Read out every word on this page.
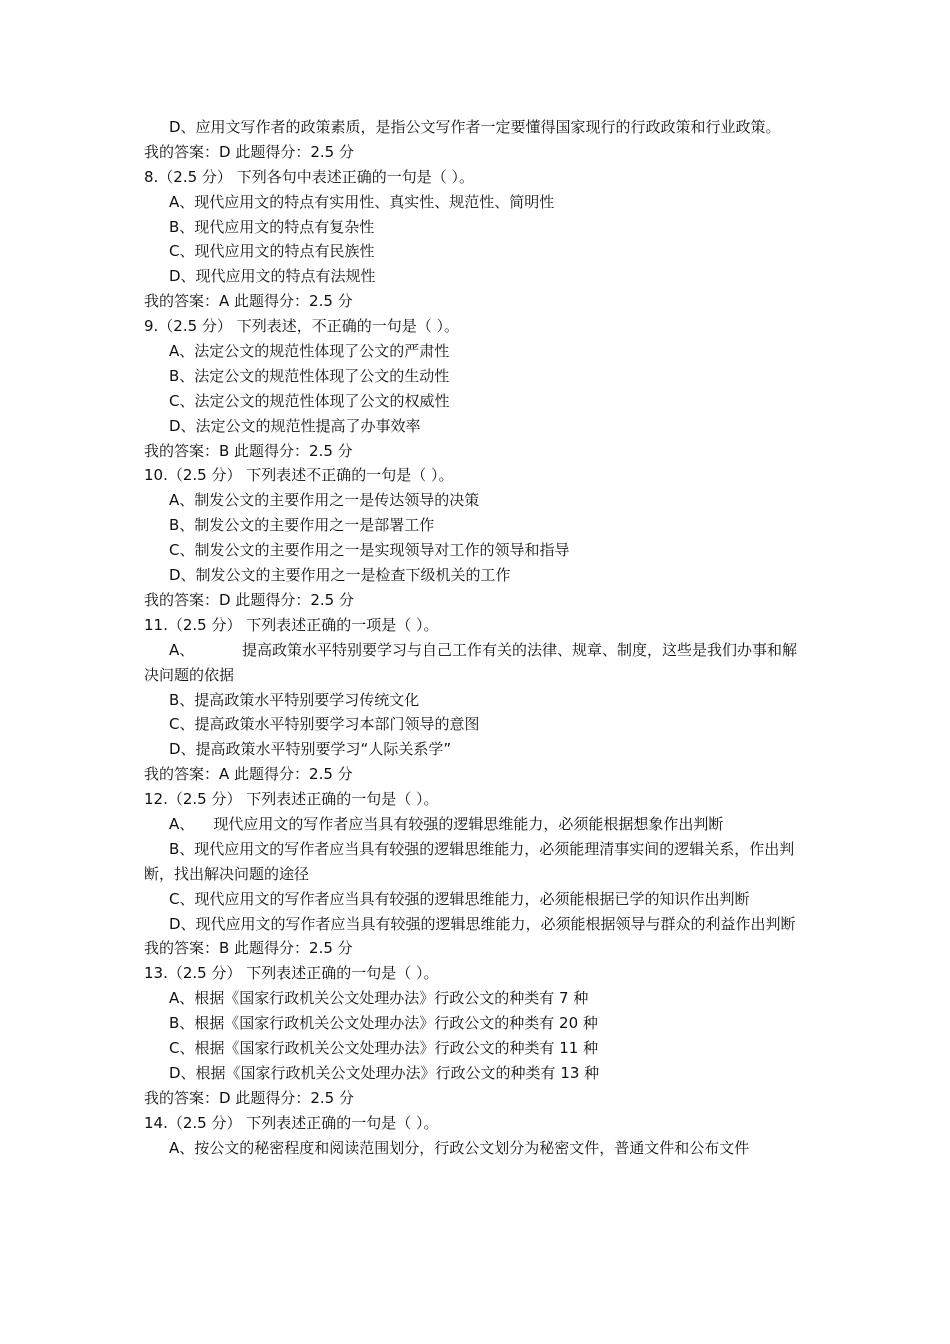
D、应用文写作者的政策素质，是指公文写作者一定要懂得国家现行的行政政策和行业政策。
我的答案：D 此题得分：2.5 分
8.（2.5 分） 下列各句中表述正确的一句是（ ）。
A、现代应用文的特点有实用性、真实性、规范性、简明性
B、现代应用文的特点有复杂性
C、现代应用文的特点有民族性
D、现代应用文的特点有法规性
我的答案：A 此题得分：2.5 分
9.（2.5 分） 下列表述，不正确的一句是（ ）。
A、法定公文的规范性体现了公文的严肃性
B、法定公文的规范性体现了公文的生动性
C、法定公文的规范性体现了公文的权威性
D、法定公文的规范性提高了办事效率
我的答案：B 此题得分：2.5 分
10.（2.5 分） 下列表述不正确的一句是（ ）。
A、制发公文的主要作用之一是传达领导的决策
B、制发公文的主要作用之一是部署工作
C、制发公文的主要作用之一是实现领导对工作的领导和指导
D、制发公文的主要作用之一是检查下级机关的工作
我的答案：D 此题得分：2.5 分
11.（2.5 分） 下列表述正确的一项是（ ）。
A、          提高政策水平特别要学习与自己工作有关的法律、规章、制度，这些是我们办事和解决问题的依据
B、提高政策水平特别要学习传统文化
C、提高政策水平特别要学习本部门领导的意图
D、提高政策水平特别要学习“人际关系学”
我的答案：A 此题得分：2.5 分
12.（2.5 分） 下列表述正确的一句是（ ）。
A、    现代应用文的写作者应当具有较强的逻辑思维能力，必须能根据想象作出判断
B、现代应用文的写作者应当具有较强的逻辑思维能力，必须能理清事实间的逻辑关系，作出判断，找出解决问题的途径
C、现代应用文的写作者应当具有较强的逻辑思维能力，必须能根据已学的知识作出判断
D、现代应用文的写作者应当具有较强的逻辑思维能力，必须能根据领导与群众的利益作出判断
我的答案：B 此题得分：2.5 分
13.（2.5 分） 下列表述正确的一句是（ ）。
A、根据《国家行政机关公文处理办法》行政公文的种类有 7 种
B、根据《国家行政机关公文处理办法》行政公文的种类有 20 种
C、根据《国家行政机关公文处理办法》行政公文的种类有 11 种
D、根据《国家行政机关公文处理办法》行政公文的种类有 13 种
我的答案：D 此题得分：2.5 分
14.（2.5 分） 下列表述正确的一句是（ ）。
A、按公文的秘密程度和阅读范围划分，行政公文划分为秘密文件，普通文件和公布文件
